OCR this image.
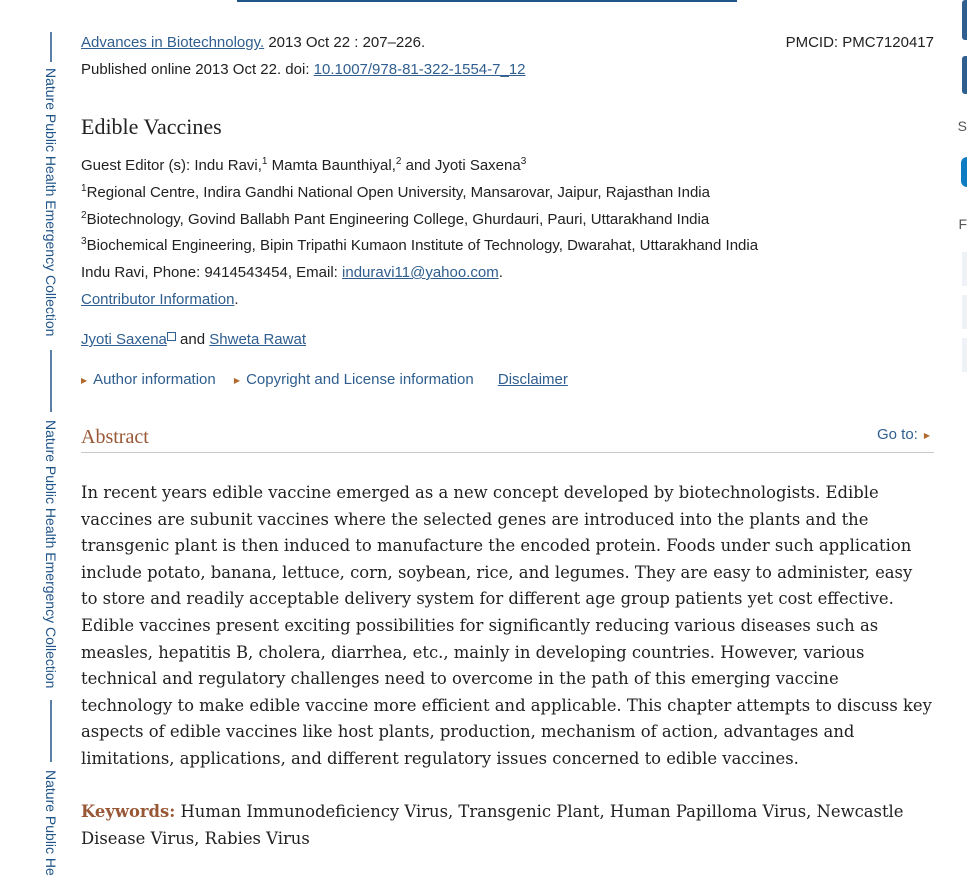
Nature Public Health Emergency Collection
Nature Public Health Emergency Collection
Nature Public He
S
F
Advances in Biotechnology. 2013 Oct 22 : 207–226.	PMCID: PMC7120417
Published online 2013 Oct 22. doi: 10.1007/978-81-322-1554-7_12
Edible Vaccines
Guest Editor (s): Indu Ravi,$^1$ Mamta Baunthiyal,$^2$ and Jyoti Saxena$^3$
$^1$Regional Centre, Indira Gandhi National Open University, Mansarovar, Jaipur, Rajasthan India
$^2$Biotechnology, Govind Ballabh Pant Engineering College, Ghurdauri, Pauri, Uttarakhand India
$^3$Biochemical Engineering, Bipin Tripathi Kumaon Institute of Technology, Dwarahat, Uttarakhand India
Indu Ravi, Phone: 9414543454, Email: induravi11@yahoo.com.
Contributor Information.
Jyoti Saxena and Shweta Rawat
▶ Author information ▶ Copyright and License information Disclaimer
Abstract	Go to: ▶
In recent years edible vaccine emerged as a new concept developed by biotechnologists. Edible vaccines are subunit vaccines where the selected genes are introduced into the plants and the transgenic plant is then induced to manufacture the encoded protein. Foods under such application include potato, banana, lettuce, corn, soybean, rice, and legumes. They are easy to administer, easy to store and readily acceptable delivery system for different age group patients yet cost effective. Edible vaccines present exciting possibilities for significantly reducing various diseases such as measles, hepatitis B, cholera, diarrhea, etc., mainly in developing countries. However, various technical and regulatory challenges need to overcome in the path of this emerging vaccine technology to make edible vaccine more efficient and applicable. This chapter attempts to discuss key aspects of edible vaccines like host plants, production, mechanism of action, advantages and limitations, applications, and different regulatory issues concerned to edible vaccines.
Keywords: Human Immunodeficiency Virus, Transgenic Plant, Human Papilloma Virus, Newcastle Disease Virus, Rabies Virus
